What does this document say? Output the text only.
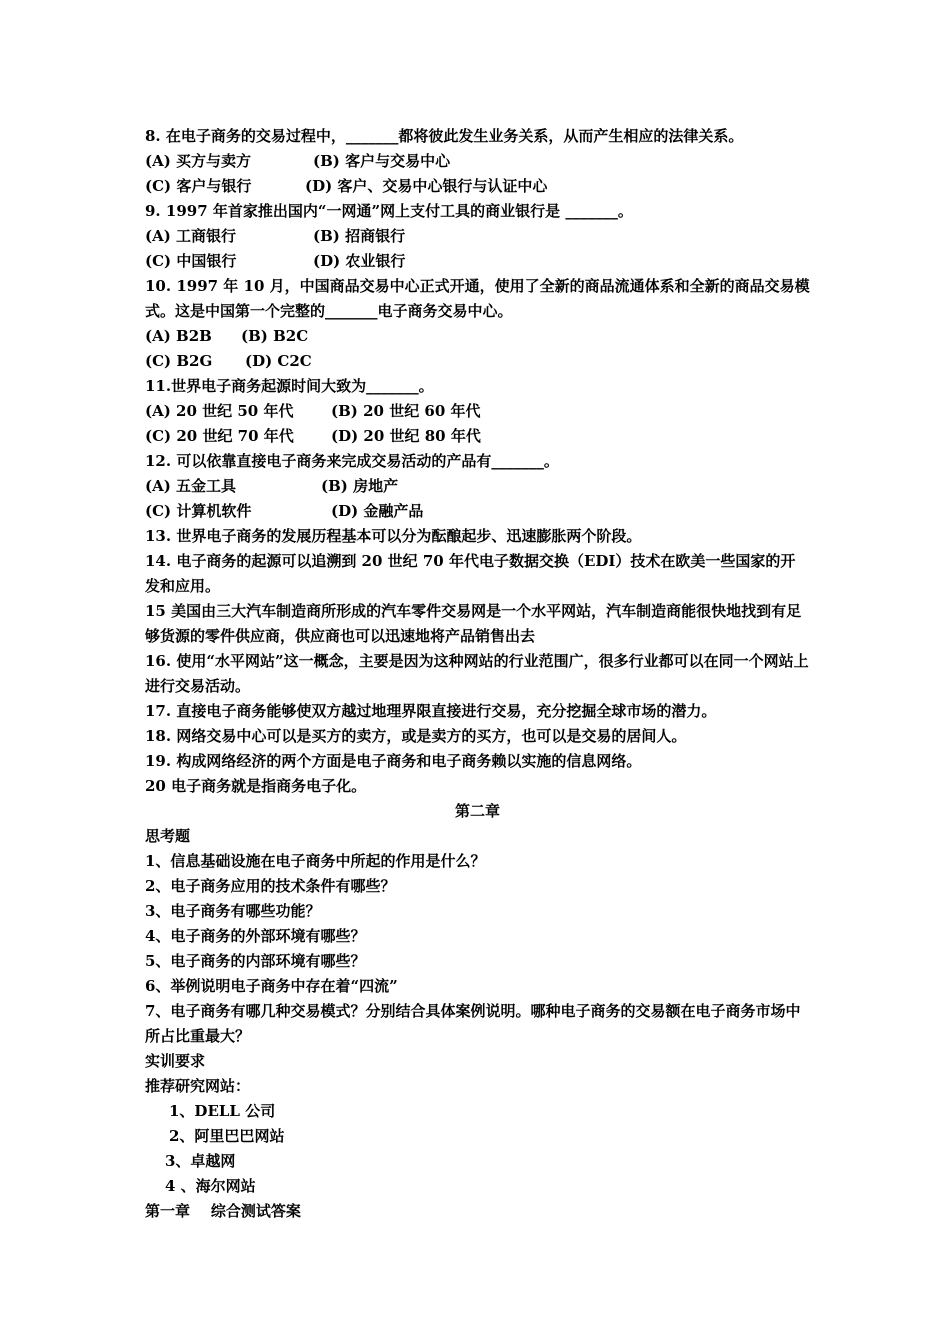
8. 在电子商务的交易过程中，_______都将彼此发生业务关系，从而产生相应的法律关系。
(A) 买方与卖方	(B) 客户与交易中心
(C) 客户与银行	(D) 客户、交易中心银行与认证中心
9. 1997 年首家推出国内“一网通”网上支付工具的商业银行是 _______。
(A) 工商银行	(B) 招商银行
(C) 中国银行	(D) 农业银行
10. 1997 年 10 月，中国商品交易中心正式开通，使用了全新的商品流通体系和全新的商品交易模式。这是中国第一个完整的_______电子商务交易中心。
(A) B2B	(B) B2C
(C) B2G	(D) C2C
11.世界电子商务起源时间大致为_______。
(A) 20 世纪 50 年代	(B) 20 世纪 60 年代
(C) 20 世纪 70 年代	(D) 20 世纪 80 年代
12. 可以依靠直接电子商务来完成交易活动的产品有_______。
(A) 五金工具	(B) 房地产
(C) 计算机软件	(D) 金融产品
13. 世界电子商务的发展历程基本可以分为酝酿起步、迅速膨胀两个阶段。
14. 电子商务的起源可以追溯到 20 世纪 70 年代电子数据交换（EDI）技术在欧美一些国家的开发和应用。
15 美国由三大汽车制造商所形成的汽车零件交易网是一个水平网站，汽车制造商能很快地找到有足够货源的零件供应商，供应商也可以迅速地将产品销售出去
16. 使用“水平网站”这一概念，主要是因为这种网站的行业范围广，很多行业都可以在同一个网站上进行交易活动。
17. 直接电子商务能够使双方越过地理界限直接进行交易，充分挖掘全球市场的潜力。
18. 网络交易中心可以是买方的卖方，或是卖方的买方，也可以是交易的居间人。
19. 构成网络经济的两个方面是电子商务和电子商务赖以实施的信息网络。
20 电子商务就是指商务电子化。
第二章
思考题
1、信息基础设施在电子商务中所起的作用是什么？
2、电子商务应用的技术条件有哪些？
3、电子商务有哪些功能？
4、电子商务的外部环境有哪些？
5、电子商务的内部环境有哪些？
6、举例说明电子商务中存在着“四流”
7、电子商务有哪几种交易模式？分别结合具体案例说明。哪种电子商务的交易额在电子商务市场中所占比重最大？
实训要求
推荐研究网站：
1、DELL 公司
2、阿里巴巴网站
3、卓越网
4 、海尔网站
第一章    综合测试答案
